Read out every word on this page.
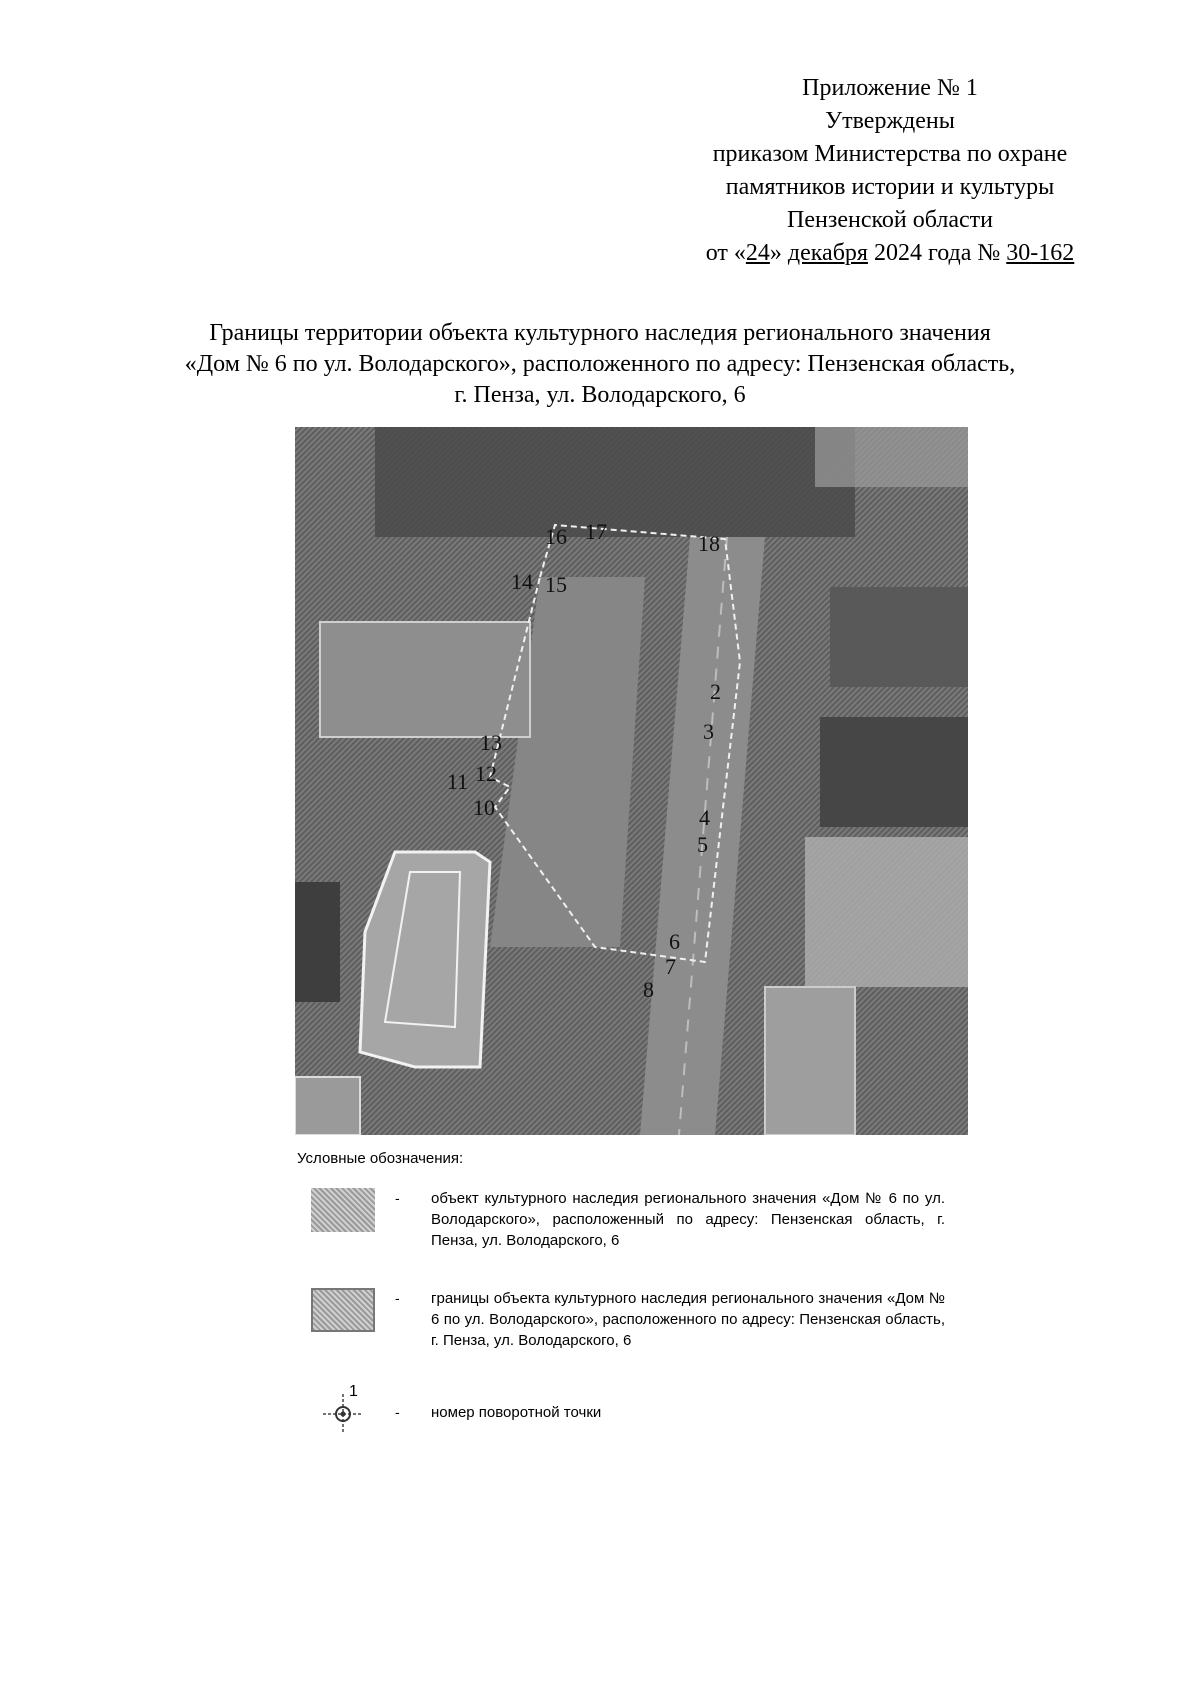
Приложение № 1
Утверждены
приказом Министерства по охране
памятников истории и культуры
Пензенской области
от «24» декабря 2024 года № 30-162
Границы территории объекта культурного наследия регионального значения
«Дом № 6 по ул. Володарского», расположенного по адресу: Пензенская область,
г. Пенза, ул. Володарского, 6
2
3
4
5
6
7
8
10
11 12
13
14 15
16 17	18
Условные обозначения:
- объект культурного наследия регионального значения «Дом № 6 по ул. Володарского», расположенный по адресу: Пензенская область, г. Пенза, ул. Володарского, 6
- границы объекта культурного наследия регионального значения «Дом № 6 по ул. Володарского», расположенного по адресу: Пензенская область, г. Пенза, ул. Володарского, 6
1
- номер поворотной точки
